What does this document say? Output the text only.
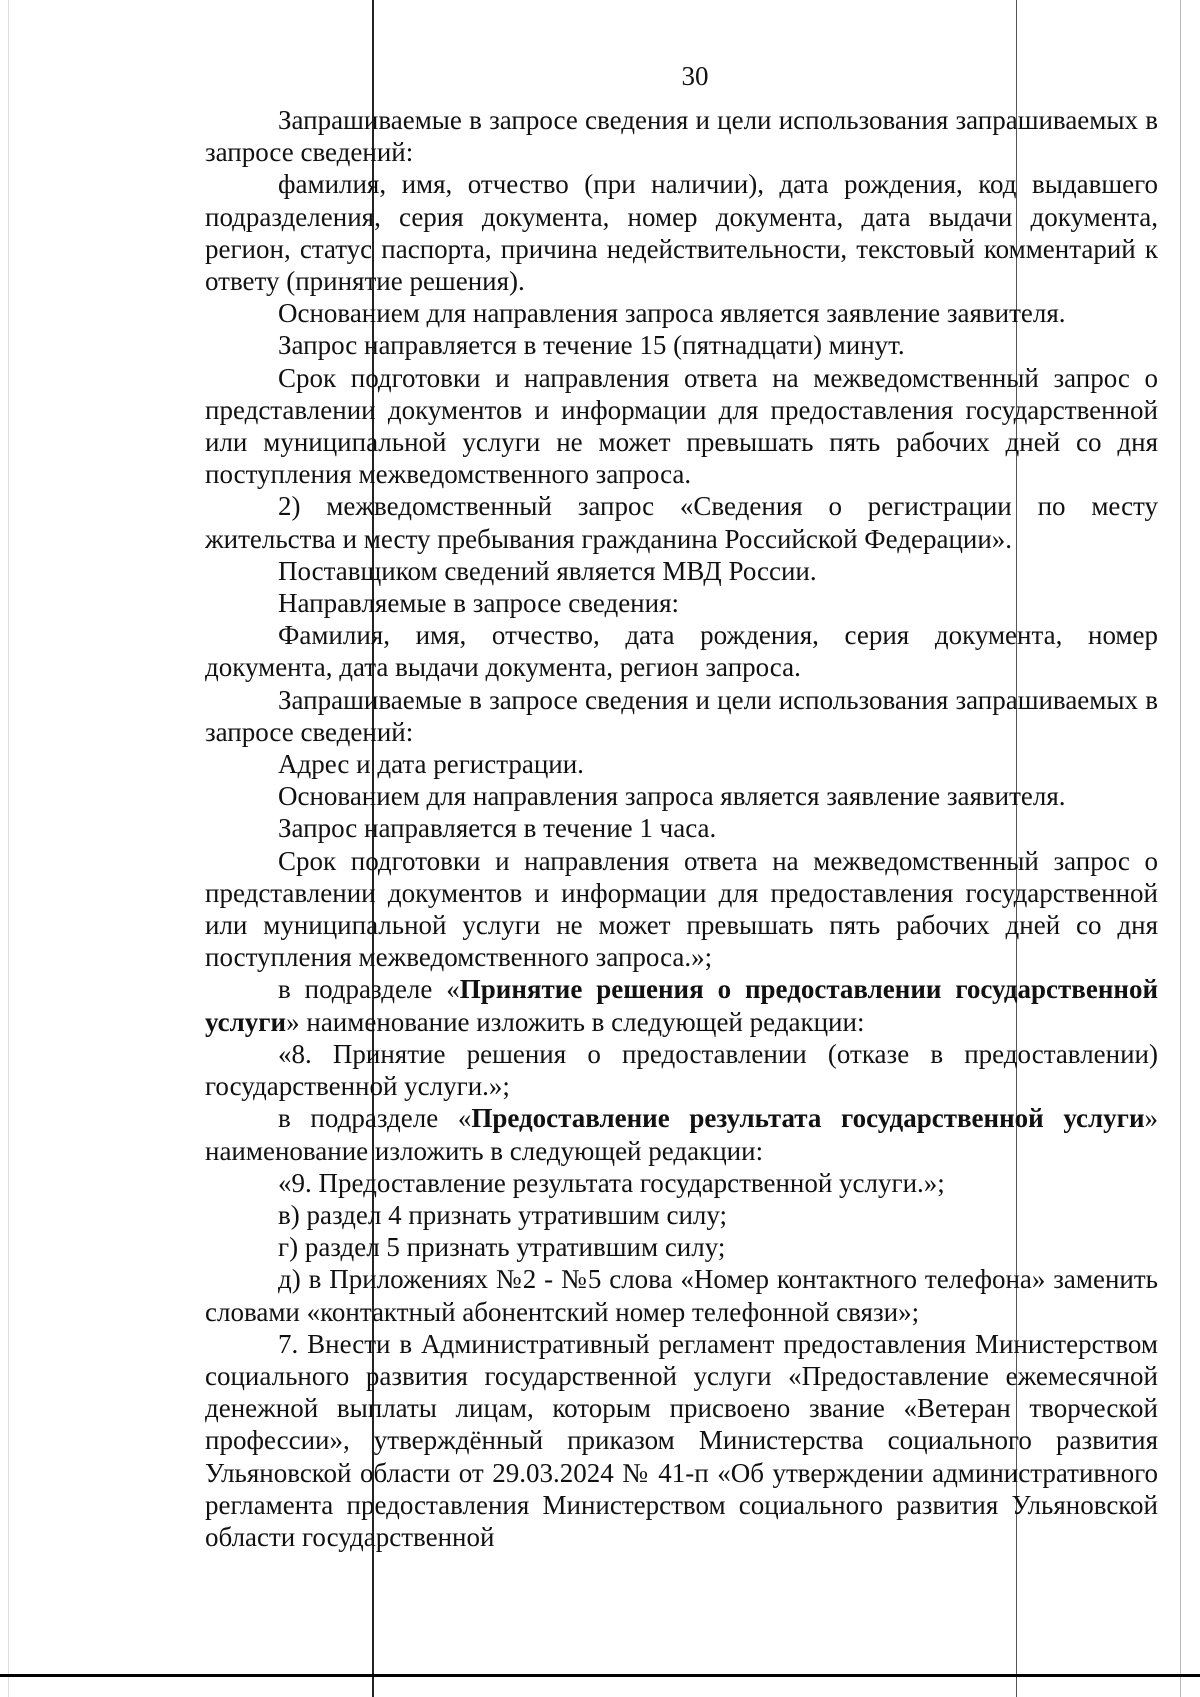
30

Запрашиваемые в запросе сведения и цели использования запрашиваемых в запросе сведений:

фамилия, имя, отчество (при наличии), дата рождения, код выдавшего подразделения, серия документа, номер документа, дата выдачи документа, регион, статус паспорта, причина недействительности, текстовый комментарий к ответу (принятие решения).

Основанием для направления запроса является заявление заявителя.

Запрос направляется в течение 15 (пятнадцати) минут.

Срок подготовки и направления ответа на межведомственный запрос о представлении документов и информации для предоставления государственной или муниципальной услуги не может превышать пять рабочих дней со дня поступления межведомственного запроса.

2) межведомственный запрос «Сведения о регистрации по месту жительства и месту пребывания гражданина Российской Федерации».

Поставщиком сведений является МВД России.

Направляемые в запросе сведения:

Фамилия, имя, отчество, дата рождения, серия документа, номер документа, дата выдачи документа, регион запроса.

Запрашиваемые в запросе сведения и цели использования запрашиваемых в запросе сведений:

Адрес и дата регистрации.

Основанием для направления запроса является заявление заявителя.

Запрос направляется в течение 1 часа.

Срок подготовки и направления ответа на межведомственный запрос о представлении документов и информации для предоставления государственной или муниципальной услуги не может превышать пять рабочих дней со дня поступления межведомственного запроса.»;

в подразделе «Принятие решения о предоставлении государственной услуги» наименование изложить в следующей редакции:

«8. Принятие решения о предоставлении (отказе в предоставлении) государственной услуги.»;

в подразделе «Предоставление результата государственной услуги» наименование изложить в следующей редакции:

«9. Предоставление результата государственной услуги.»;

в) раздел 4 признать утратившим силу;

г) раздел 5 признать утратившим силу;

д) в Приложениях №2 - №5 слова «Номер контактного телефона» заменить словами «контактный абонентский номер телефонной связи»;

7. Внести в Административный регламент предоставления Министерством социального развития государственной услуги «Предоставление ежемесячной денежной выплаты лицам, которым присвоено звание «Ветеран творческой профессии», утверждённый приказом Министерства социального развития Ульяновской области от 29.03.2024 № 41-п «Об утверждении административного регламента предоставления Министерством социального развития Ульяновской области государственной
